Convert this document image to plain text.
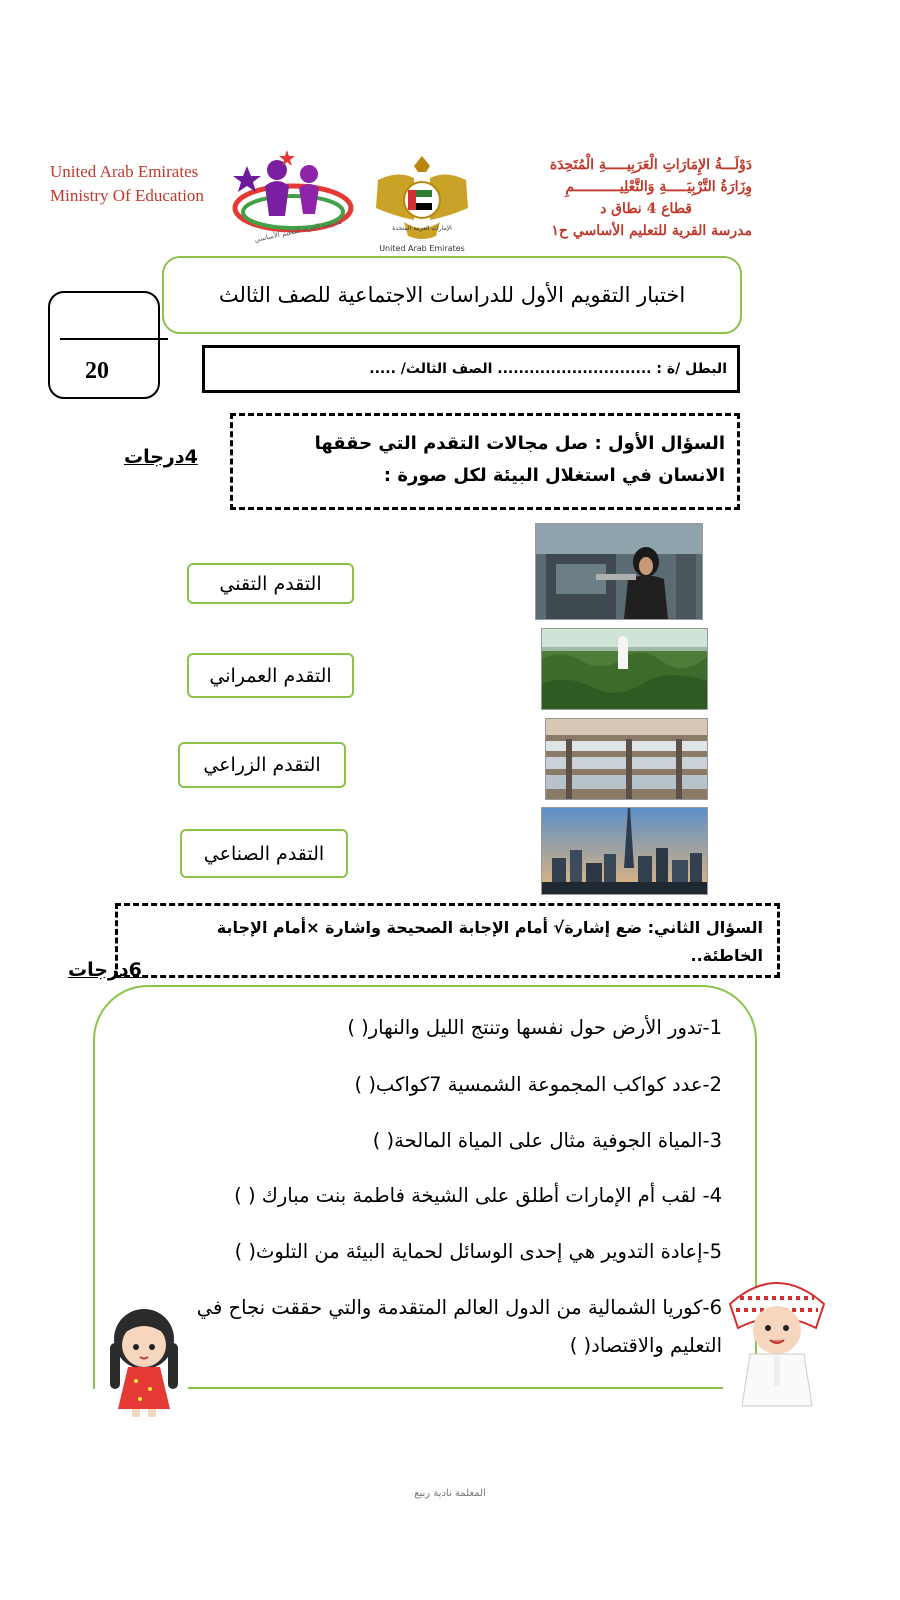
United Arab Emirates
Ministry Of Education
مدرسة القرية للتعليم الأساسي	الإمارات العربية المتحدة
United Arab Emirates
دَوْلَـــةُ الإِمَارَاتِ الْعَرَبِيـــــةِ الْمُتَحِدَة
وِزَارَةُ التَّرْبِيَـــــةِ وَالتَّعْلِيـــــــــــمِ
قطاع 4 نطاق د
مدرسة القرية للتعليم الأساسي ح١
اختبار التقويم الأول للدراسات الاجتماعية للصف الثالث
20	البطل /ة : ............................. الصف الثالث/ .....
السؤال الأول : صل مجالات التقدم التي حققها
الانسان في استغلال البيئة لكل صورة :
4درجات
التقدم التقني
التقدم العمراني
التقدم الزراعي
التقدم الصناعي
السؤال الثاني: ضع إشارة√ أمام الإجابة الصحيحة واشارة ×أمام الإجابة
الخاطئة..
6درجات
1-تدور الأرض حول نفسها وتنتج الليل والنهار( )
2-عدد كواكب المجموعة الشمسية 7كواكب( )
3-المياة الجوفية مثال على المياة المالحة( )
4- لقب أم الإمارات أطلق على الشيخة فاطمة بنت مبارك ( )
5-إعادة التدوير هي إحدى الوسائل لحماية البيئة من التلوث( )
6-كوريا الشمالية من الدول العالم المتقدمة والتي حققت نجاح في
التعليم والاقتصاد( )
المعلمة نادية ربيع
